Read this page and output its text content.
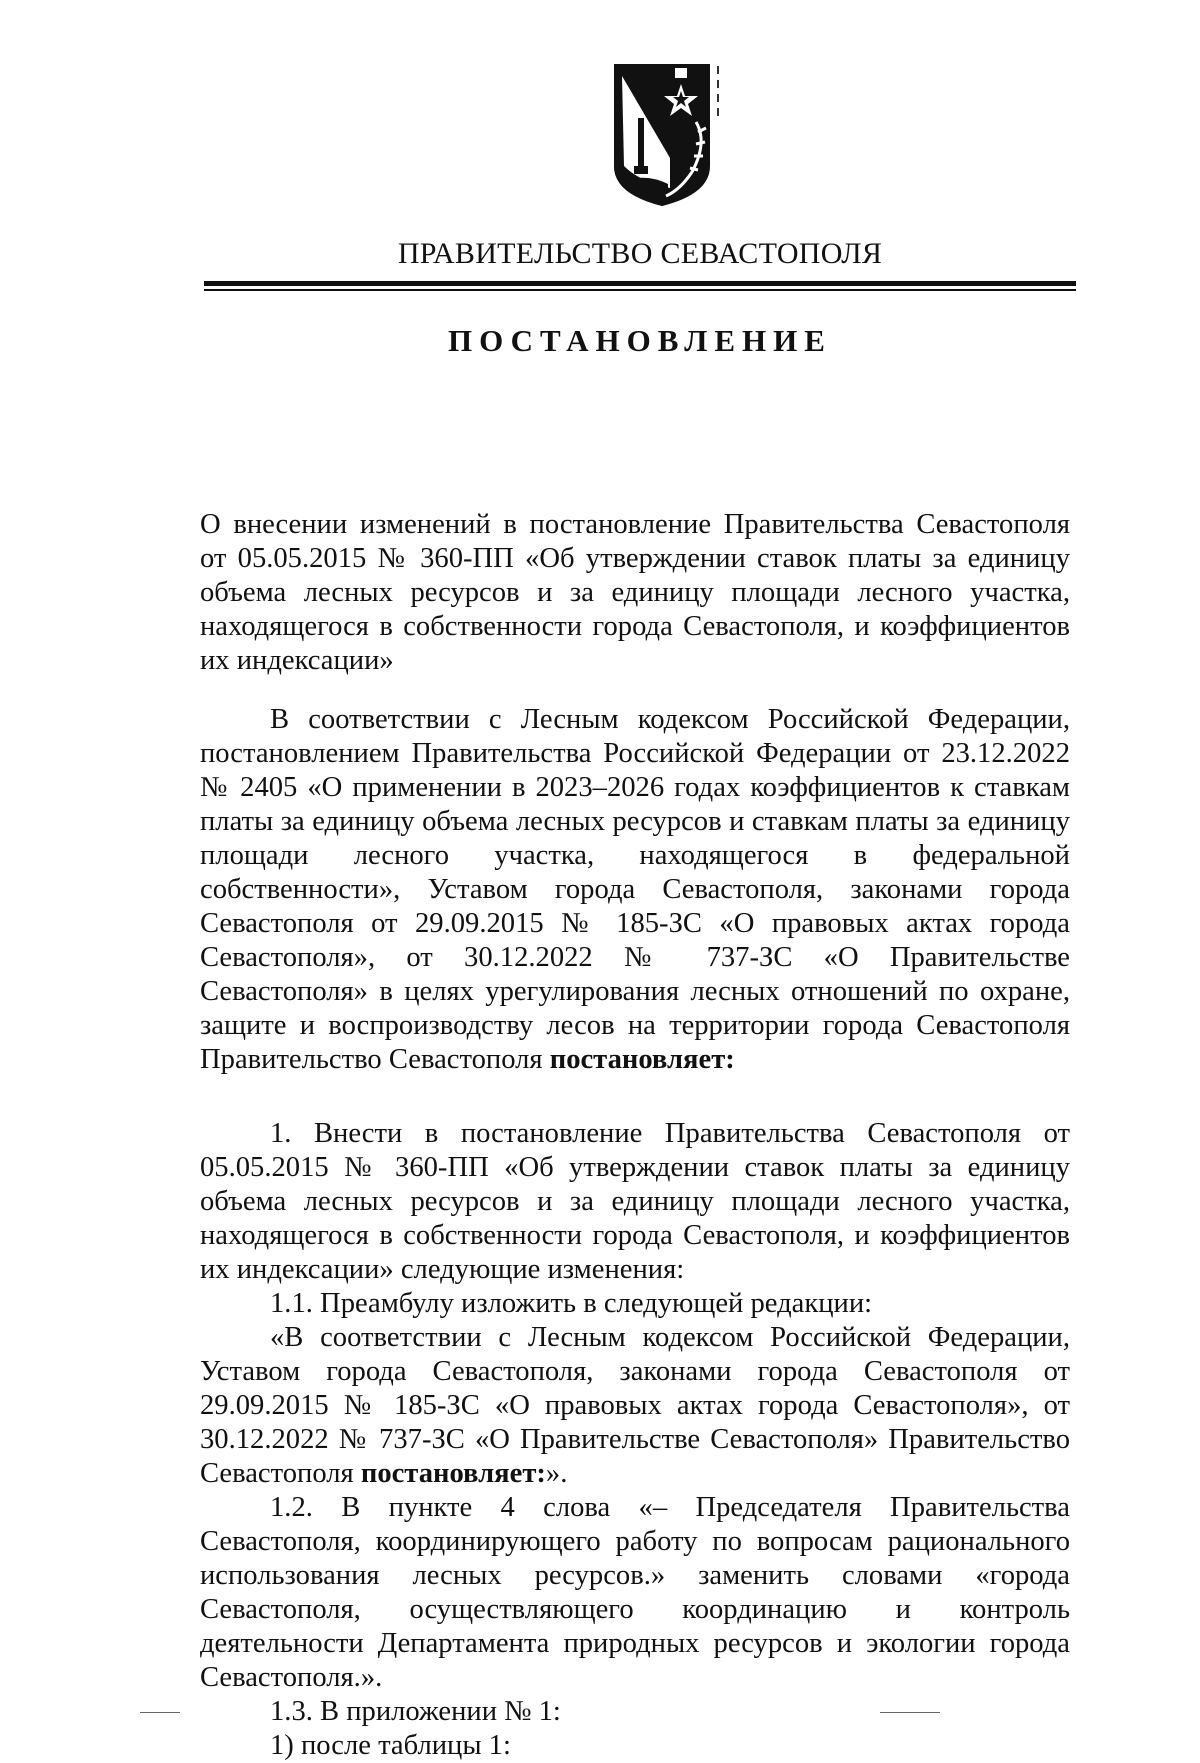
ПРАВИТЕЛЬСТВО СЕВАСТОПОЛЯ
ПОСТАНОВЛЕНИЕ

О внесении изменений в постановление Правительства Севастополя от 05.05.2015 № 360-ПП «Об утверждении ставок платы за единицу объема лесных ресурсов и за единицу площади лесного участка, находящегося в собственности города Севастополя, и коэффициентов их индексации»

В соответствии с Лесным кодексом Российской Федерации, постановлением Правительства Российской Федерации от 23.12.2022 № 2405 «О применении в 2023–2026 годах коэффициентов к ставкам платы за единицу объема лесных ресурсов и ставкам платы за единицу площади лесного участка, находящегося в федеральной собственности», Уставом города Севастополя, законами города Севастополя от 29.09.2015 № 185-ЗС «О правовых актах города Севастополя», от 30.12.2022 № 737-ЗС «О Правительстве Севастополя» в целях урегулирования лесных отношений по охране, защите и воспроизводству лесов на территории города Севастополя Правительство Севастополя постановляет:

1. Внести в постановление Правительства Севастополя от 05.05.2015 № 360-ПП «Об утверждении ставок платы за единицу объема лесных ресурсов и за единицу площади лесного участка, находящегося в собственности города Севастополя, и коэффициентов их индексации» следующие изменения:

1.1. Преамбулу изложить в следующей редакции:

«В соответствии с Лесным кодексом Российской Федерации, Уставом города Севастополя, законами города Севастополя от 29.09.2015 № 185-ЗС «О правовых актах города Севастополя», от 30.12.2022 № 737-ЗС «О Правительстве Севастополя» Правительство Севастополя постановляет:».

1.2. В пункте 4 слова «– Председателя Правительства Севастополя, координирующего работу по вопросам рационального использования лесных ресурсов.» заменить словами «города Севастополя, осуществляющего координацию и контроль деятельности Департамента природных ресурсов и экологии города Севастополя.».

1.3. В приложении № 1:

1) после таблицы 1:
